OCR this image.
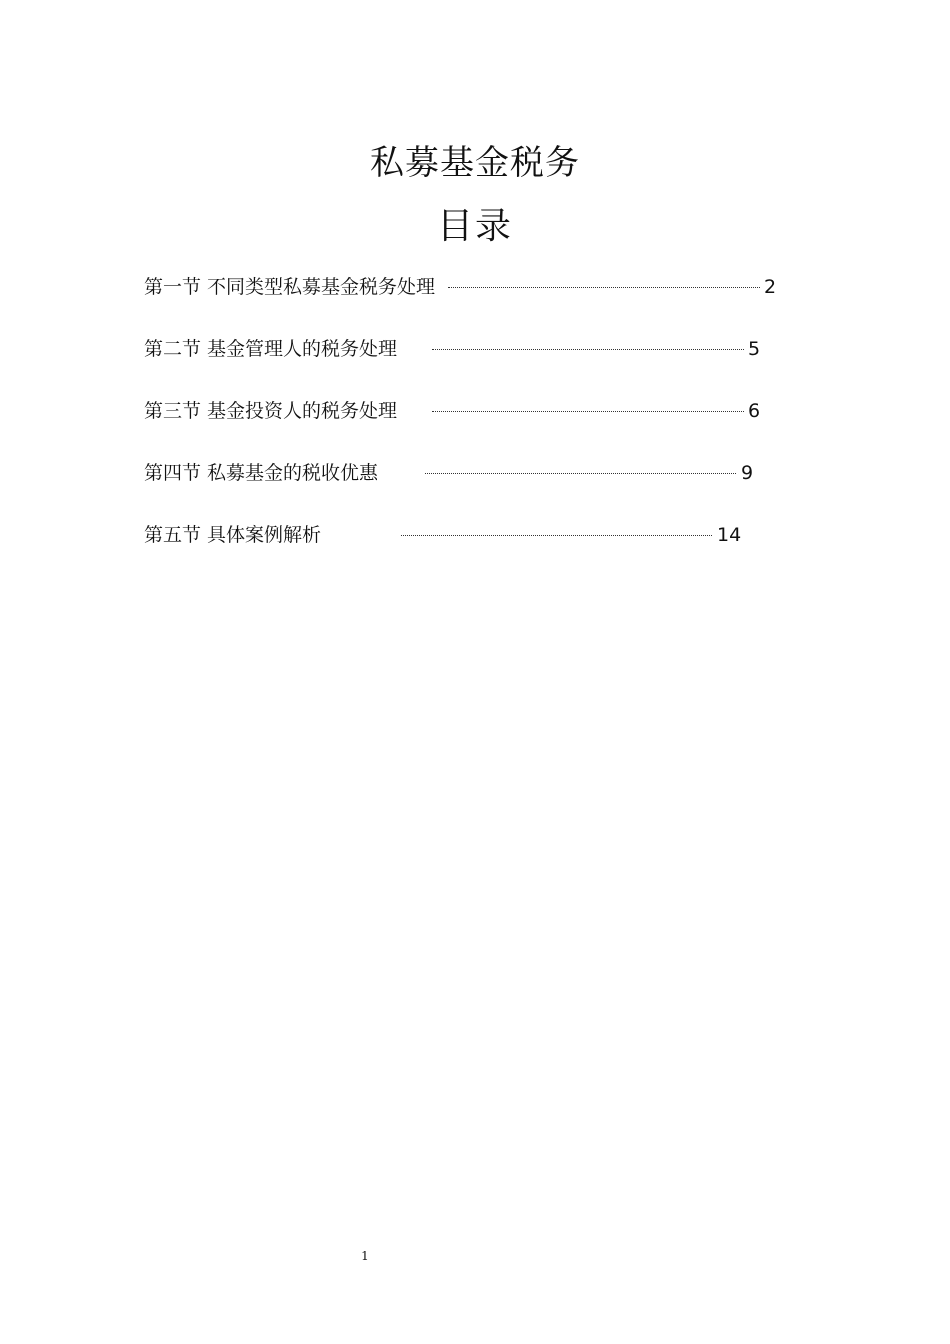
私募基金税务
目录
第一节 不同类型私募基金税务处理	2
第二节 基金管理人的税务处理	5
第三节 基金投资人的税务处理	6
第四节 私募基金的税收优惠	9
第五节 具体案例解析	14
1
